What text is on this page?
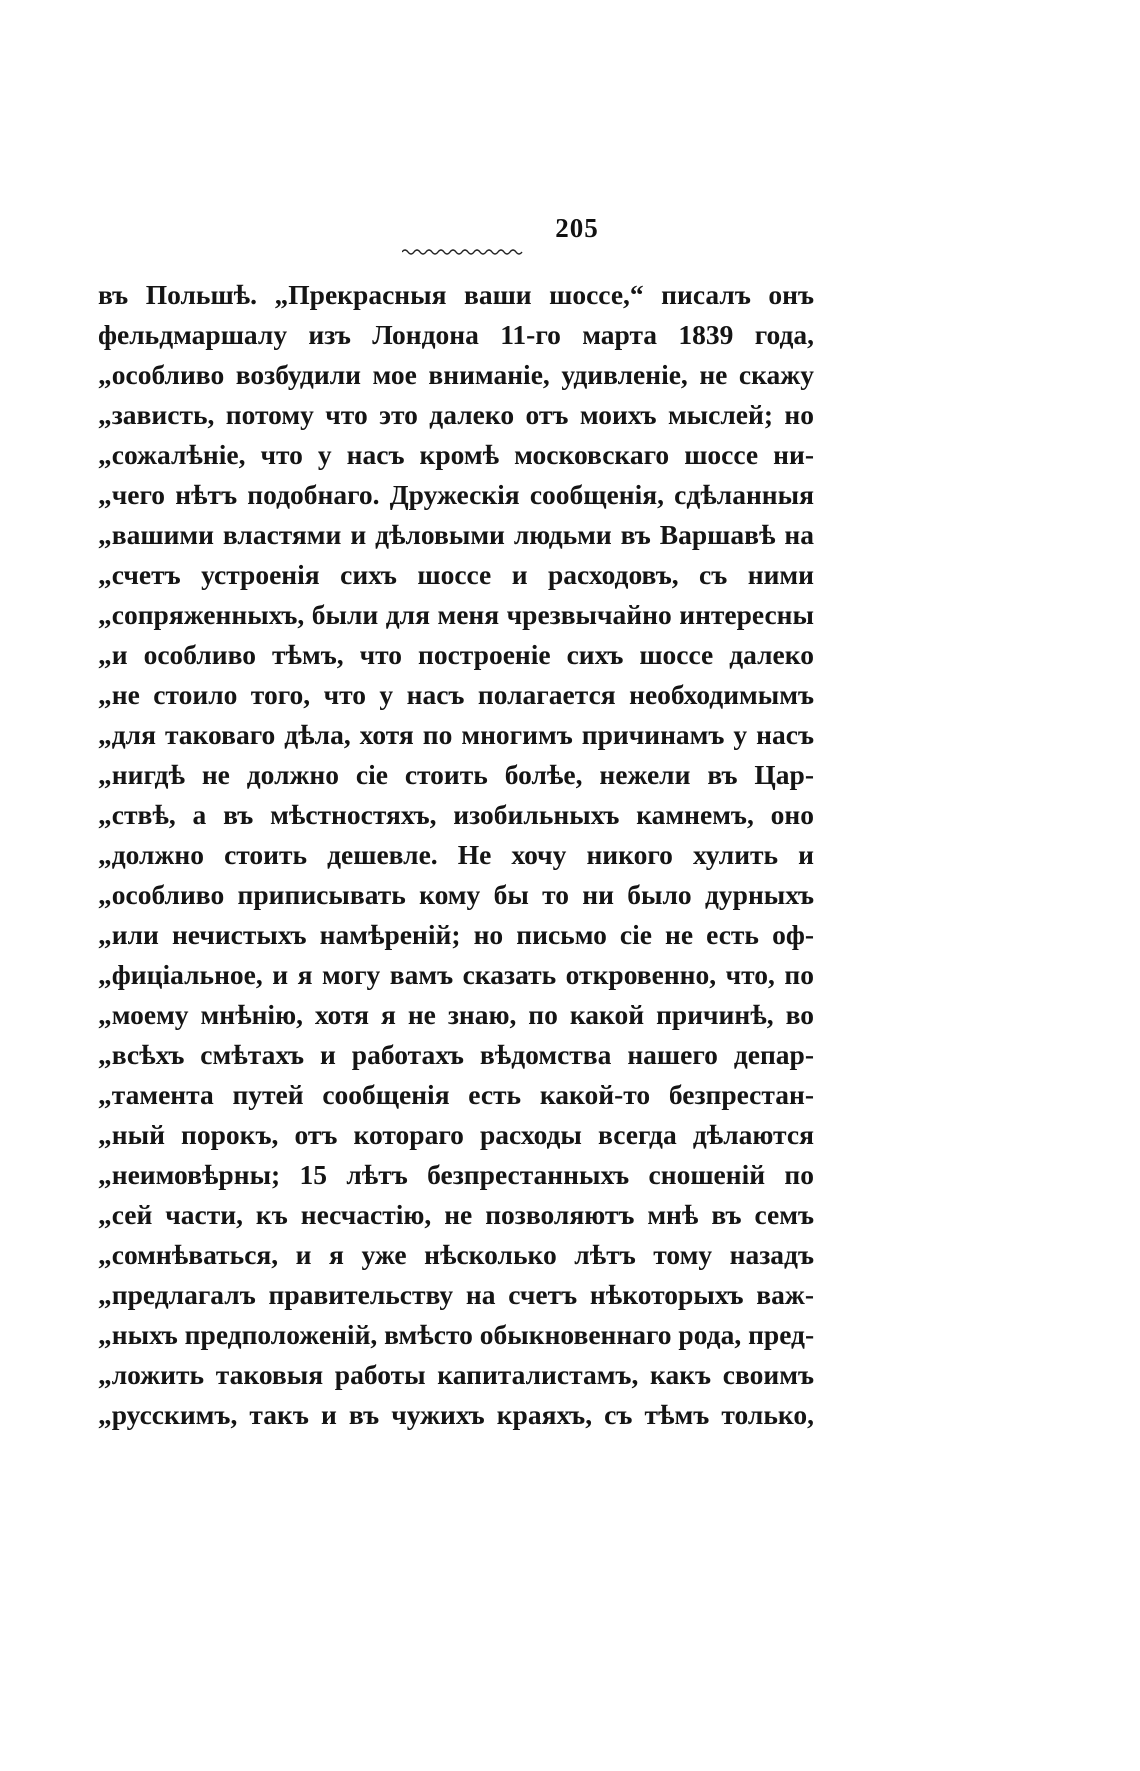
205
въ Польшѣ. „Прекрасныя ваши шоссе,“ писалъ онъ
фельдмаршалу изъ Лондона 11-го марта 1839 года,
„особливо возбудили мое вниманіе, удивленіе, не скажу
„зависть, потому что это далеко отъ моихъ мыслей; но
„сожалѣніе, что у насъ кромѣ московскаго шоссе ни-
„чего нѣтъ подобнаго. Дружескія сообщенія, сдѣланныя
„вашими властями и дѣловыми людьми въ Варшавѣ на
„счетъ устроенія сихъ шоссе и расходовъ, съ ними
„сопряженныхъ, были для меня чрезвычайно интересны
„и особливо тѣмъ, что построеніе сихъ шоссе далеко
„не стоило того, что у насъ полагается необходимымъ
„для таковаго дѣла, хотя по многимъ причинамъ у насъ
„нигдѣ не должно сіе стоить болѣе, нежели въ Цар-
„ствѣ, а въ мѣстностяхъ, изобильныхъ камнемъ, оно
„должно стоить дешевле. Не хочу никого хулить и
„особливо приписывать кому бы то ни было дурныхъ
„или нечистыхъ намѣреній; но письмо сіе не есть оф-
„фиціальное, и я могу вамъ сказать откровенно, что, по
„моему мнѣнію, хотя я не знаю, по какой причинѣ, во
„всѣхъ смѣтахъ и работахъ вѣдомства нашего депар-
„тамента путей сообщенія есть какой-то безпрестан-
„ный порокъ, отъ котораго расходы всегда дѣлаются
„неимовѣрны; 15 лѣтъ безпрестанныхъ сношеній по
„сей части, къ несчастію, не позволяютъ мнѣ въ семъ
„сомнѣваться, и я уже нѣсколько лѣтъ тому назадъ
„предлагалъ правительству на счетъ нѣкоторыхъ важ-
„ныхъ предположеній, вмѣсто обыкновеннаго рода, пред-
„ложить таковыя работы капиталистамъ, какъ своимъ
„русскимъ, такъ и въ чужихъ краяхъ, съ тѣмъ только,
